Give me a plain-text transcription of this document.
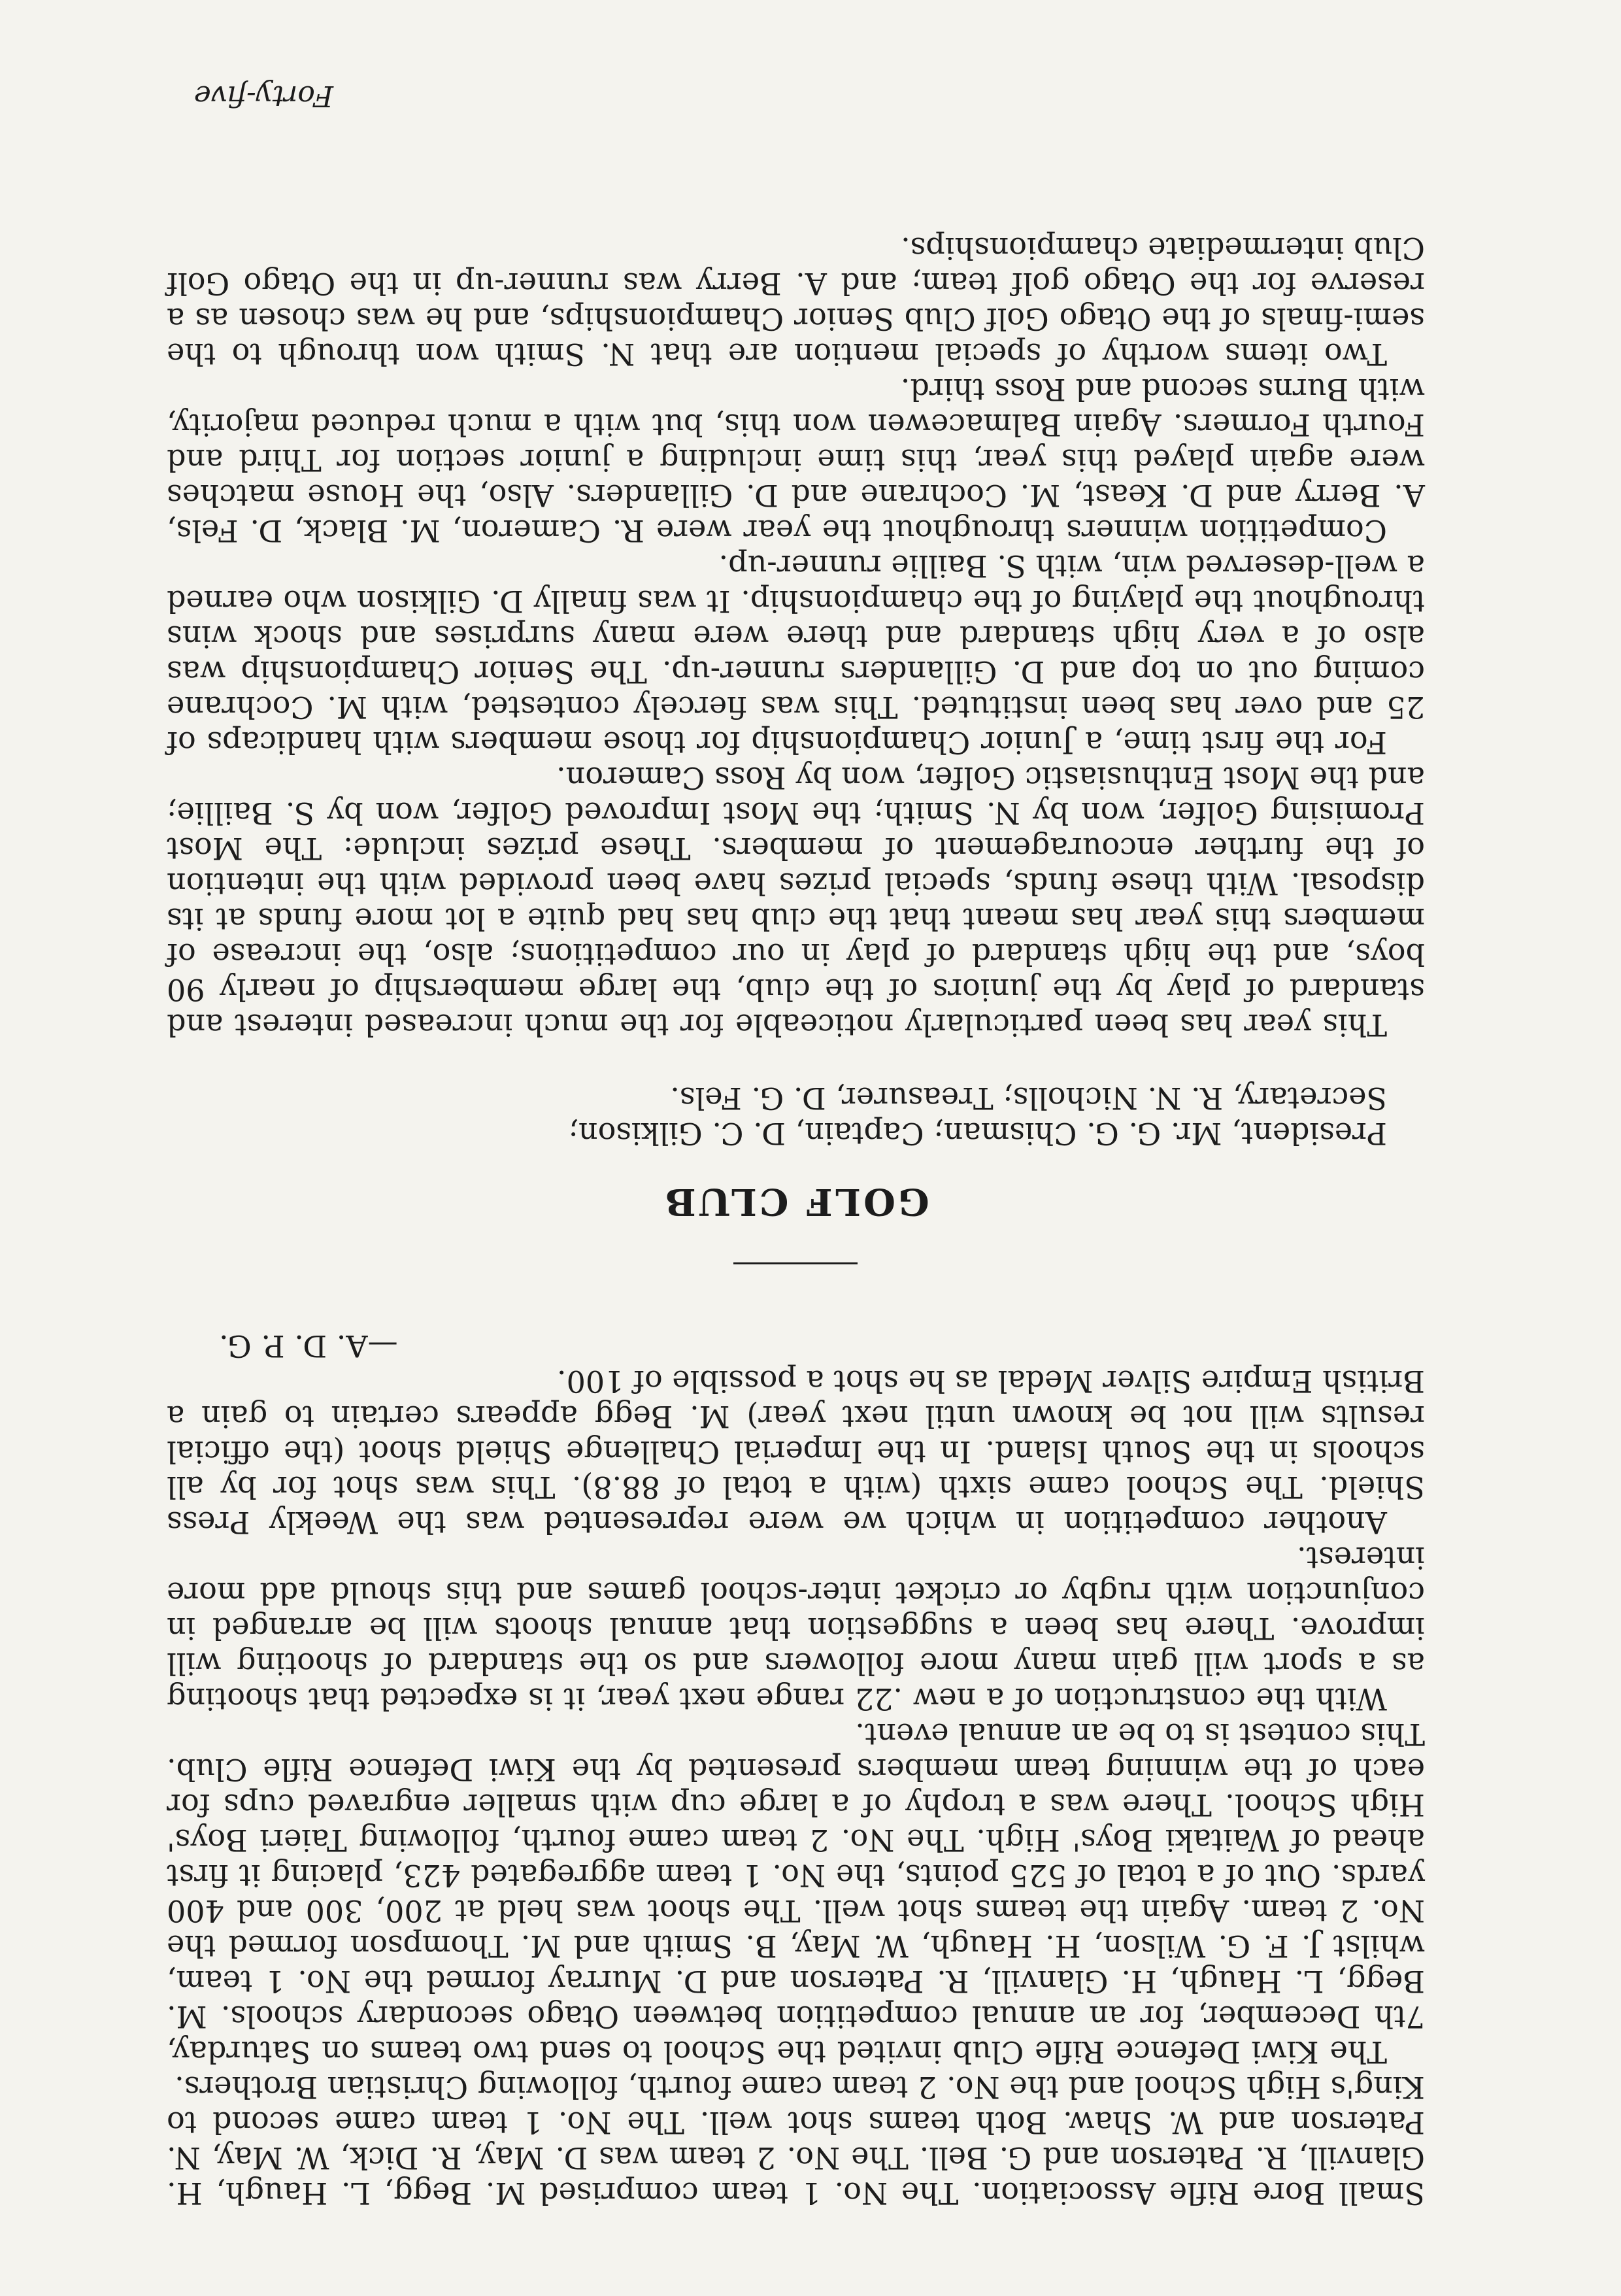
Small Bore Rifle Association. The No. 1 team comprised M. Begg, L. Haugh, H. Glanvill, R. Paterson and G. Bell. The No. 2 team was D. May, R. Dick, W. May, N. Paterson and W. Shaw. Both teams shot well. The No. 1 team came second to King's High School and the No. 2 team came fourth, following Christian Brothers.

The Kiwi Defence Rifle Club invited the School to send two teams on Saturday, 7th December, for an annual competition between Otago secondary schools. M. Begg, L. Haugh, H. Glanvill, R. Paterson and D. Murray formed the No. 1 team, whilst J. F. G. Wilson, H. Haugh, W. May, B. Smith and M. Thompson formed the No. 2 team. Again the teams shot well. The shoot was held at 200, 300 and 400 yards. Out of a total of 525 points, the No. 1 team aggregated 423, placing it first ahead of Waitaki Boys' High. The No. 2 team came fourth, following Taieri Boys' High School. There was a trophy of a large cup with smaller engraved cups for each of the winning team members presented by the Kiwi Defence Rifle Club. This contest is to be an annual event.

With the construction of a new .22 range next year, it is expected that shooting as a sport will gain many more followers and so the standard of shooting will improve. There has been a suggestion that annual shoots will be arranged in conjunction with rugby or cricket inter-school games and this should add more interest.

Another competition in which we were represented was the Weekly Press Shield. The School came sixth (with a total of 88.8). This was shot for by all schools in the South Island. In the Imperial Challenge Shield shoot (the official results will not be known until next year) M. Begg appears certain to gain a British Empire Silver Medal as he shot a possible of 100.

—A. D. P. G.

GOLF CLUB

President, Mr. G. G. Chisman; Captain, D. C. Gilkison;
Secretary, R. N. Nicholls; Treasurer, D. G. Fels.

This year has been particularly noticeable for the much increased interest and standard of play by the juniors of the club, the large membership of nearly 90 boys, and the high standard of play in our competitions; also, the increase of members this year has meant that the club has had quite a lot more funds at its disposal. With these funds, special prizes have been provided with the intention of the further encouragement of members. These prizes include: The Most Promising Golfer, won by N. Smith; the Most Improved Golfer, won by S. Baillie; and the Most Enthusiastic Golfer, won by Ross Cameron.

For the first time, a Junior Championship for those members with handicaps of 25 and over has been instituted. This was fiercely contested, with M. Cochrane coming out on top and D. Gillanders runner-up. The Senior Championship was also of a very high standard and there were many surprises and shock wins throughout the playing of the championship. It was finally D. Gilkison who earned a well-deserved win, with S. Baillie runner-up.

Competition winners throughout the year were R. Cameron, M. Black, D. Fels, A. Berry and D. Keast, M. Cochrane and D. Gillanders. Also, the House matches were again played this year, this time including a junior section for Third and Fourth Formers. Again Balmacewen won this, but with a much reduced majority, with Burns second and Ross third.

Two items worthy of special mention are that N. Smith won through to the semi-finals of the Otago Golf Club Senior Championships, and he was chosen as a reserve for the Otago golf team; and A. Berry was runner-up in the Otago Golf Club intermediate championships.

Forty-five
